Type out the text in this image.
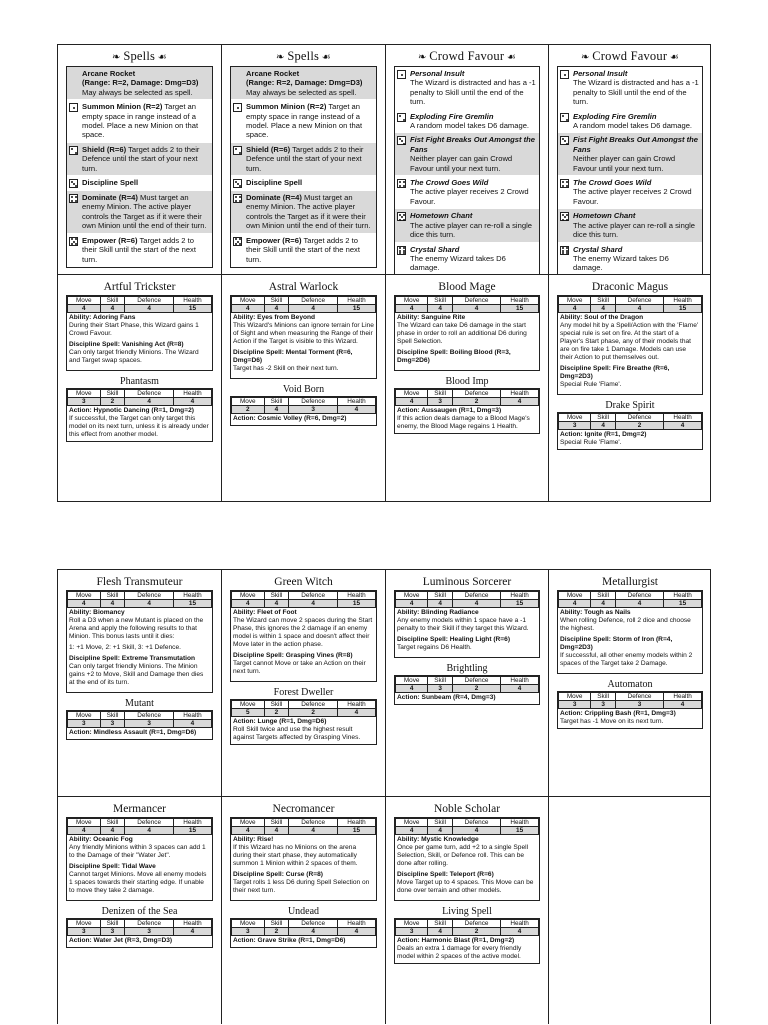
❧ Spells ☙
Arcane Rocket
(Range: R=2, Damage: Dmg=D3)
May always be selected as spell.
Summon Minion (R=2) Target an empty space in range instead of a model. Place a new Minion on that space.
Shield (R=6) Target adds 2 to their Defence until the start of your next turn.
Discipline Spell
Dominate (R=4) Must target an enemy Minion. The active player controls the Target as if it were their own Minion until the end of their turn.
Empower (R=6) Target adds 2 to their Skill until the start of the next turn.
❧ Spells ☙
Arcane Rocket
(Range: R=2, Damage: Dmg=D3)
May always be selected as spell.
Summon Minion (R=2) Target an empty space in range instead of a model. Place a new Minion on that space.
Shield (R=6) Target adds 2 to their Defence until the start of your next turn.
Discipline Spell
Dominate (R=4) Must target an enemy Minion. The active player controls the Target as if it were their own Minion until the end of their turn.
Empower (R=6) Target adds 2 to their Skill until the start of the next turn.
❧ Crowd Favour ☙
Personal Insult
The Wizard is distracted and has a -1 penalty to Skill until the end of the turn.
Exploding Fire Gremlin
A random model takes D6 damage.
Fist Fight Breaks Out Amongst the Fans
Neither player can gain Crowd Favour until your next turn.
The Crowd Goes Wild
The active player receives 2 Crowd Favour.
Hometown Chant
The active player can re-roll a single dice this turn.
Crystal Shard
The enemy Wizard takes D6 damage.
❧ Crowd Favour ☙
Personal Insult
The Wizard is distracted and has a -1 penalty to Skill until the end of the turn.
Exploding Fire Gremlin
A random model takes D6 damage.
Fist Fight Breaks Out Amongst the Fans
Neither player can gain Crowd Favour until your next turn.
The Crowd Goes Wild
The active player receives 2 Crowd Favour.
Hometown Chant
The active player can re-roll a single dice this turn.
Crystal Shard
The enemy Wizard takes D6 damage.
Artful Trickster
Move	Skill	Defence	Health
4	4	4	15

Ability: Adoring Fans
During their Start Phase, this Wizard gains 1 Crowd Favour.

Discipline Spell: Vanishing Act (R=8)
Can only target friendly Minions. The Wizard and Target swap spaces.

Phantasm
Move	Skill	Defence	Health
3	2	4	4

Action: Hypnotic Dancing (R=1, Dmg=2)
If successful, the Target can only target this model on its next turn, unless it is already under this effect from another model.

Astral Warlock
Move	Skill	Defence	Health
4	4	4	15

Ability: Eyes from Beyond
This Wizard's Minions can ignore terrain for Line of Sight and when measuring the Range of their Action if the Target is visible to this Wizard.

Discipline Spell: Mental Torment (R=6, Dmg=D6)
Target has -2 Skill on their next turn.

Void Born
Move	Skill	Defence	Health
2	4	3	4

Action: Cosmic Volley (R=6, Dmg=2)

Blood Mage
Move	Skill	Defence	Health
4	4	4	15

Ability: Sanguine Rite
The Wizard can take D6 damage in the start phase in order to roll an additional D6 during Spell Selection.

Discipline Spell: Boiling Blood (R=3, Dmg=2D6)

Blood Imp
Move	Skill	Defence	Health
4	3	2	4

Action: Aussaugen (R=1, Dmg=3)
If this action deals damage to a Blood Mage's enemy, the Blood Mage regains 1 Health.

Draconic Magus
Move	Skill	Defence	Health
4	4	4	15

Ability: Soul of the Dragon
Any model hit by a Spell/Action with the 'Flame' special rule is set on fire. At the start of a Player's Start phase, any of their models that are on fire take 1 Damage. Models can use their Action to put themselves out.

Discipline Spell: Fire Breathe (R=6, Dmg=2D3)
Special Rule 'Flame'.

Drake Spirit
Move	Skill	Defence	Health
3	4	2	4

Action: Ignite (R=1, Dmg=2)
Special Rule 'Flame'.

Flesh Transmuteur
Move	Skill	Defence	Health
4	4	4	15

Ability: Biomancy
Roll a D3 when a new Mutant is placed on the Arena and apply the following results to that Minion. This bonus lasts until it dies:

1: +1 Move, 2: +1 Skill, 3: +1 Defence.

Discipline Spell: Extreme Transmutation
Can only target friendly Minions. The Minion gains +2 to Move, Skill and Damage then dies at the end of its turn.

Mutant
Move	Skill	Defence	Health
3	3	3	4

Action: Mindless Assault (R=1, Dmg=D6)

Green Witch
Move	Skill	Defence	Health
4	4	4	15

Ability: Fleet of Foot
The Wizard can move 2 spaces during the Start Phase, this ignores the 2 damage if an enemy model is within 1 space and doesn't affect their Move later in the action phase.

Discipline Spell: Grasping Vines (R=8)
Target cannot Move or take an Action on their next turn.

Forest Dweller
Move	Skill	Defence	Health
5	2	2	4

Action: Lunge (R=1, Dmg=D6)
Roll Skill twice and use the highest result against Targets affected by Grasping Vines.

Luminous Sorcerer
Move	Skill	Defence	Health
4	4	4	15

Ability: Blinding Radiance
Any enemy models within 1 space have a -1 penalty to their Skill if they target this Wizard.

Discipline Spell: Healing Light (R=6)
Target regains D6 Health.

Brightling
Move	Skill	Defence	Health
4	3	2	4

Action: Sunbeam (R=4, Dmg=3)

Metallurgist
Move	Skill	Defence	Health
4	4	4	15

Ability: Tough as Nails
When rolling Defence, roll 2 dice and choose the highest.

Discipline Spell: Storm of Iron (R=4, Dmg=2D3)
If successful, all other enemy models within 2 spaces of the Target take 2 Damage.

Automaton
Move	Skill	Defence	Health
3	3	3	4

Action: Crippling Bash (R=1, Dmg=3)
Target has -1 Move on its next turn.

Mermancer
Move	Skill	Defence	Health
4	4	4	15

Ability: Oceanic Fog
Any friendly Minions within 3 spaces can add 1 to the Damage of their "Water Jet".

Discipline Spell: Tidal Wave
Cannot target Minions. Move all enemy models 1 spaces towards their starting edge. If unable to move they take 2 damage.

Denizen of the Sea
Move	Skill	Defence	Health
3	3	3	4

Action: Water Jet (R=3, Dmg=D3)

Necromancer
Move	Skill	Defence	Health
4	4	4	15

Ability: Rise!
If this Wizard has no Minions on the arena during their start phase, they automatically summon 1 Minion within 2 spaces of them.

Discipline Spell: Curse (R=8)
Target rolls 1 less D6 during Spell Selection on their next turn.

Undead
Move	Skill	Defence	Health
3	2	4	4

Action: Grave Strike (R=1, Dmg=D6)

Noble Scholar
Move	Skill	Defence	Health
4	4	4	15

Ability: Mystic Knowledge
Once per game turn, add +2 to a single Spell Selection, Skill, or Defence roll. This can be done after rolling.

Discipline Spell: Teleport (R=6)
Move Target up to 4 spaces. This Move can be done over terrain and other models.

Living Spell
Move	Skill	Defence	Health
3	4	2	4

Action: Harmonic Blast (R=1, Dmg=2)
Deals an extra 1 damage for every friendly model within 2 spaces of the active model.
